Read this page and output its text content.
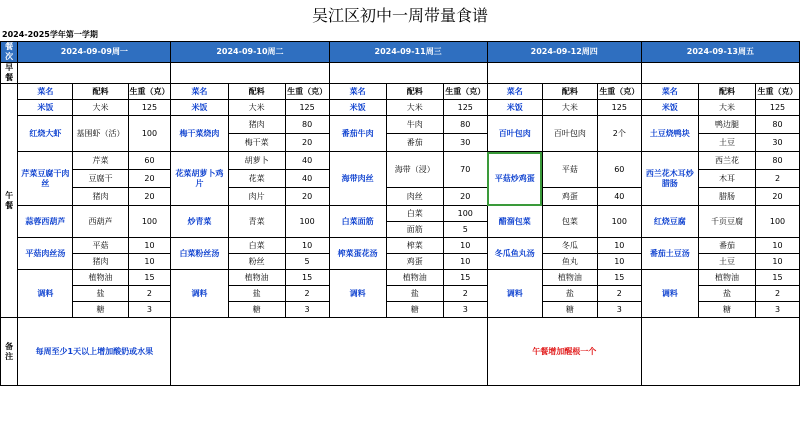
吴江区初中一周带量食谱
2024-2025学年第一学期
餐次	2024-09-09周一			2024-09-10周二			2024-09-11周三			2024-09-12周四			2024-09-13周五		
早餐															
午餐	菜名	配料	生重（克）	菜名	配料	生重（克）	菜名	配料	生重（克）	菜名	配料	生重（克）	菜名	配料	生重（克）
	米饭	大米	125	米饭	大米	125	米饭	大米	125	米饭	大米	125	米饭	大米	125
	红烧大虾	基围虾（活）	100	梅干菜烧肉	猪肉	80	番茄牛肉	牛肉	80	百叶包肉	百叶包肉	2个	土豆烧鸭块	鸭边腿	80
					梅干菜	20		番茄	30					土豆	30
	芹菜豆腐干肉丝	芹菜	60	花菜胡萝卜鸡片	胡萝卜	40	海带肉丝	海带（浸）	70	平菇炒鸡蛋	平菇	60	西兰花木耳炒腊肠	西兰花	80
		豆腐干	20		花菜	40								木耳	2
		猪肉	20		肉片	20		肉丝	20		鸡蛋	40		腊肠	20
	蒜蓉西葫芦	西葫芦	100	炒青菜	青菜	100	白菜面筋	白菜	100	醋溜包菜	包菜	100	红烧豆腐	千页豆腐	100
								面筋	5						
	平菇肉丝汤	平菇	10	白菜粉丝汤	白菜	10	榨菜蛋花汤	榨菜	10	冬瓜鱼丸汤	冬瓜	10	番茄土豆汤	番茄	10
		猪肉	10		粉丝	5		鸡蛋	10		鱼丸	10		土豆	10
	调料	植物油	15	调料	植物油	15	调料	植物油	15	调料	植物油	15	调料	植物油	15
		盐	2		盐	2		盐	2		盐	2		盐	2
		糖	3		糖	3		糖	3		糖	3		糖	3
备注	每周至少1天以上增加酸奶或水果									午餐增加醒根一个					
